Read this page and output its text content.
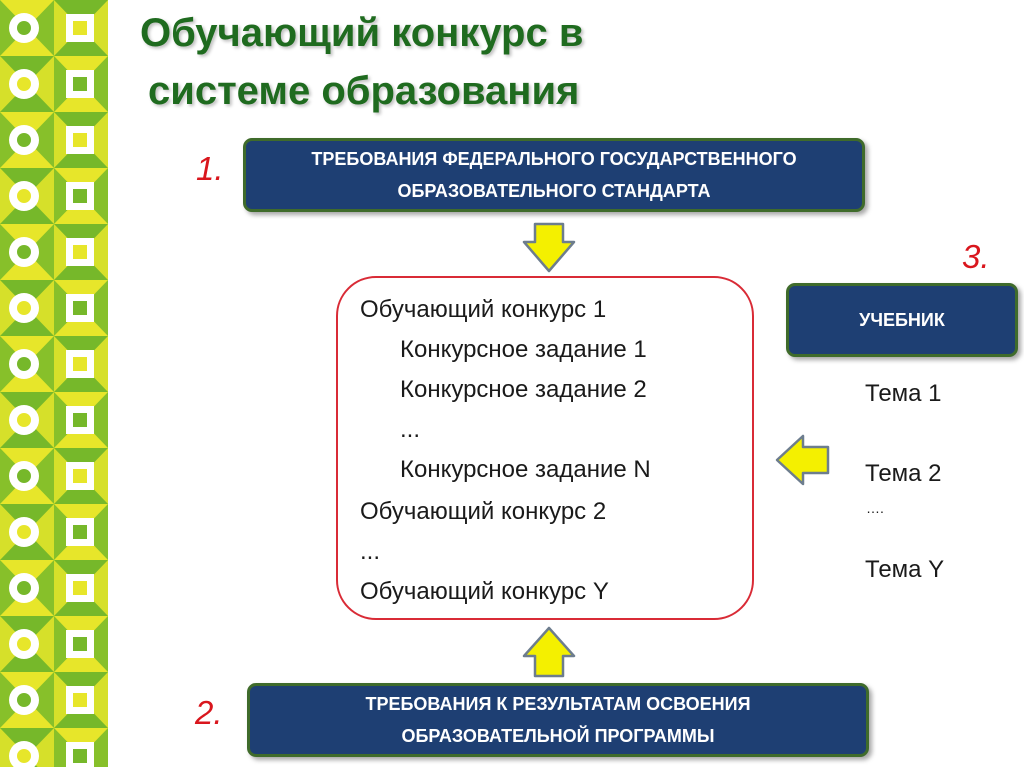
Обучающий конкурс в
системе образования
1.	ТРЕБОВАНИЯ ФЕДЕРАЛЬНОГО ГОСУДАРСТВЕННОГО
ОБРАЗОВАТЕЛЬНОГО СТАНДАРТА
Обучающий конкурс 1
Конкурсное задание 1
Конкурсное задание 2
...
Конкурсное задание N
Обучающий конкурс 2
...
Обучающий конкурс Y
2.	ТРЕБОВАНИЯ К РЕЗУЛЬТАТАМ ОСВОЕНИЯ
ОБРАЗОВАТЕЛЬНОЙ ПРОГРАММЫ
3.
УЧЕБНИК
Тема 1
Тема 2
….
Тема Y
